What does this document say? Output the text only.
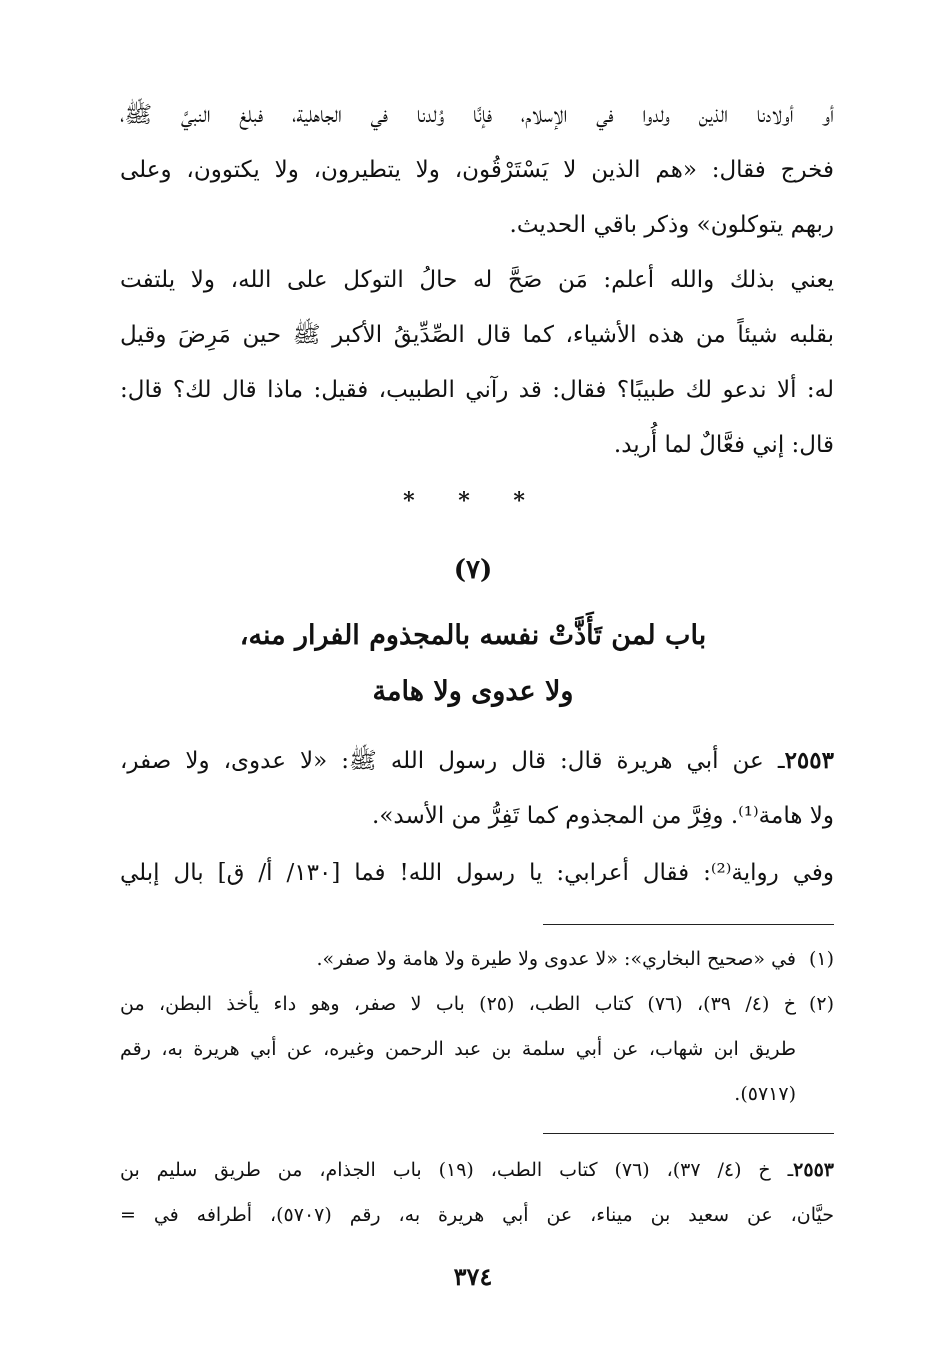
أو أولادنا الذين ولدوا في الإسلام، فإنَّا وُلدنا في الجاهلية، فبلغ النبيَّ ﷺ،
فخرج فقال: «هم الذين لا يَسْتَرْقُون، ولا يتطيرون، ولا يكتوون، وعلى
ربهم يتوكلون» وذكر باقي الحديث.
يعني بذلك والله أعلم: مَن صَحَّ له حالُ التوكل على الله، ولا يلتفت
بقلبه شيئاً من هذه الأشياء، كما قال الصِّدِّيقُ الأكبر ﷺ حين مَرِضَ وقيل
له: ألا ندعو لك طبيبًا؟ فقال: قد رآني الطبيب، فقيل: ماذا قال لك؟ قال:
قال: إني فعَّالٌ لما أُريد.
* * *
(٧)
باب لمن تَأَذَّتْ نفسه بالمجذوم الفرار منه،
ولا عدوى ولا هامة
٢٥٥٣ـ عن أبي هريرة قال: قال رسول الله ﷺ: «لا عدوى، ولا صفر،
ولا هامة⁽¹⁾. وفِرَّ من المجذوم كما تَفِرُّ من الأسد».
وفي رواية⁽²⁾: فقال أعرابي: يا رسول الله! فما [١٣٠/ أ/ ق] بال إبلي
(١)في «صحيح البخاري»: «لا عدوى ولا طيرة ولا هامة ولا صفر».
(٢)خ (٤/ ٣٩)، (٧٦) كتاب الطب، (٢٥) باب لا صفر، وهو داء يأخذ البطن، من
طريق ابن شهاب، عن أبي سلمة بن عبد الرحمن وغيره، عن أبي هريرة به، رقم
(٥٧١٧).
٢٥٥٣ـ خ (٤/ ٣٧)، (٧٦) كتاب الطب، (١٩) باب الجذام، من طريق سليم بن
حيَّان، عن سعيد بن ميناء، عن أبي هريرة به، رقم (٥٧٠٧)، أطرافه في =
٣٧٤
